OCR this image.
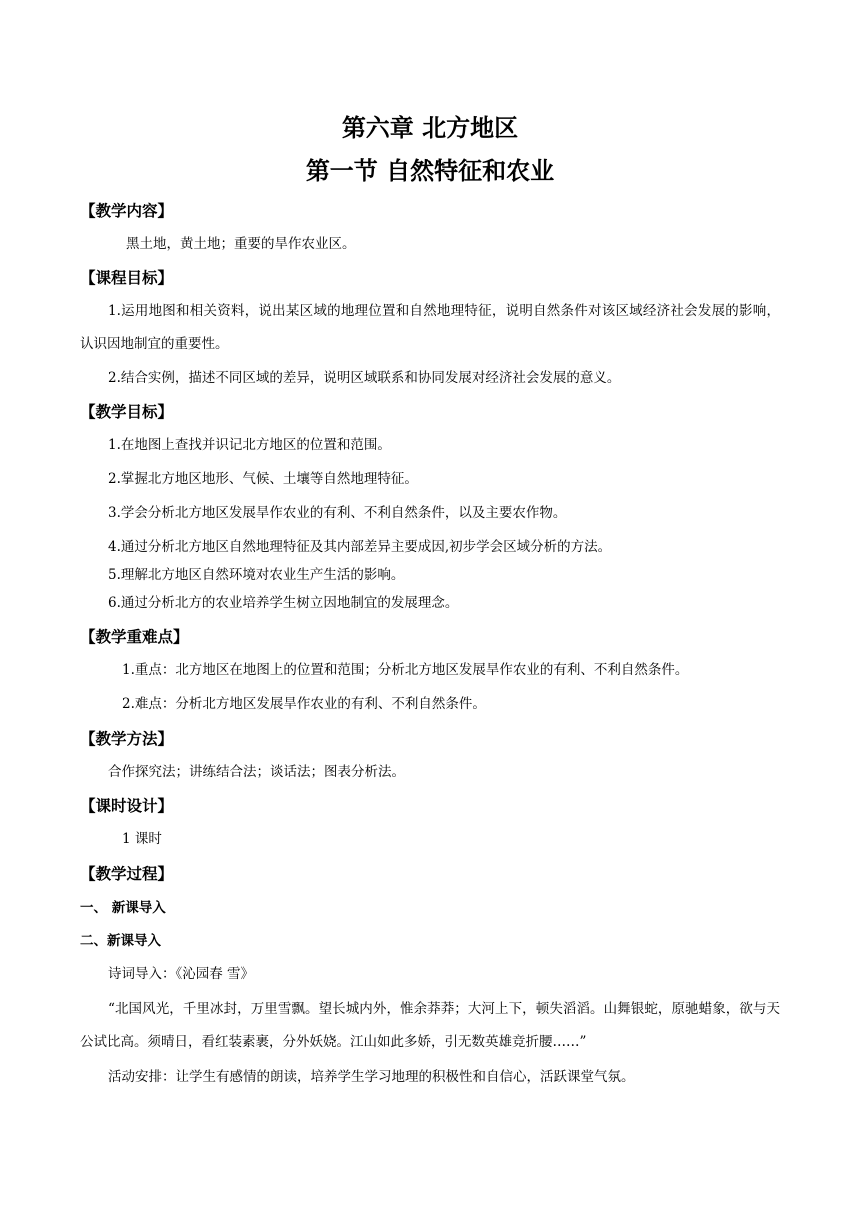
第六章 北方地区
第一节 自然特征和农业
【教学内容】
黑土地，黄土地；重要的旱作农业区。
【课程目标】
1.运用地图和相关资料，说出某区域的地理位置和自然地理特征，说明自然条件对该区域经济社会发展的影响，认识因地制宜的重要性。
2.结合实例，描述不同区域的差异，说明区域联系和协同发展对经济社会发展的意义。
【教学目标】
1.在地图上查找并识记北方地区的位置和范围。
2.掌握北方地区地形、气候、土壤等自然地理特征。
3.学会分析北方地区发展旱作农业的有利、不利自然条件，以及主要农作物。
4.通过分析北方地区自然地理特征及其内部差异主要成因,初步学会区域分析的方法。
5.理解北方地区自然环境对农业生产生活的影响。
6.通过分析北方的农业培养学生树立因地制宜的发展理念。
【教学重难点】
1.重点：北方地区在地图上的位置和范围；分析北方地区发展旱作农业的有利、不利自然条件。
2.难点：分析北方地区发展旱作农业的有利、不利自然条件。
【教学方法】
合作探究法；讲练结合法；谈话法；图表分析法。
【课时设计】
1 课时
【教学过程】
一、 新课导入
二、新课导入
诗词导入：《沁园春 雪》
“北国风光，千里冰封，万里雪飘。望长城内外，惟余莽莽；大河上下，顿失滔滔。山舞银蛇，原驰蜡象，欲与天公试比高。须晴日，看红装素裹，分外妖娆。江山如此多娇，引无数英雄竞折腰……”
活动安排：让学生有感情的朗读，培养学生学习地理的积极性和自信心，活跃课堂气氛。
